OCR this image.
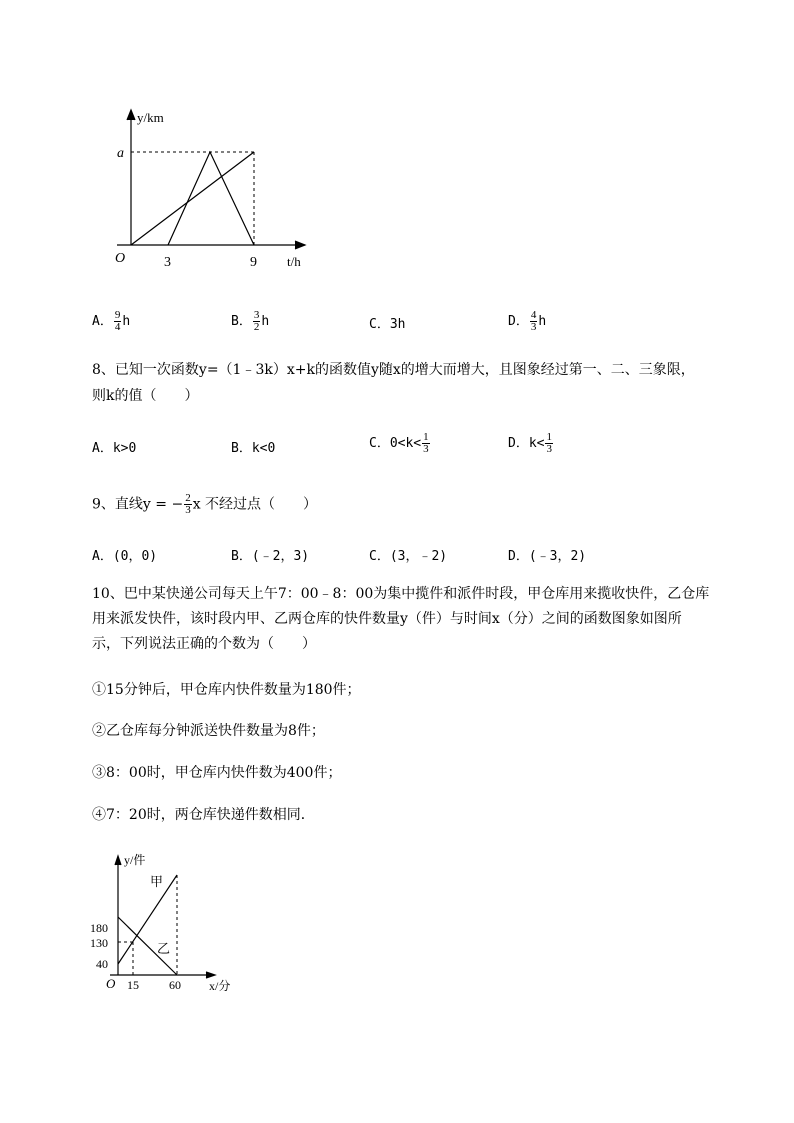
y/km
a
O	3	9 t/h
A． $\frac{9}{4}$ h	B． $\frac{3}{2}$ h	C．3h	D． $\frac{4}{3}$ h
8、已知一次函数y=（1﹣3k）x+k的函数值y随x的增大而增大，且图象经过第一、二、三象限，
则k的值（　　）
A．k>0	B．k<0	C．$0<k< \frac{1}{3}$	D．$k< \frac{1}{3}$
9、直线y = − $\frac{2}{3}$ x 不经过点（　　）
A．(0，0)	B．(﹣2，3)	C．(3，﹣2)	D．(﹣3，2)
10、巴中某快递公司每天上午7：00﹣8：00为集中揽件和派件时段，甲仓库用来揽收快件，乙仓库
用来派发快件，该时段内甲、乙两仓库的快件数量y（件）与时间x（分）之间的函数图象如图所
示，下列说法正确的个数为（　　）
①15分钟后，甲仓库内快件数量为180件；
②乙仓库每分钟派送快件数量为8件；
③8：00时，甲仓库内快件数为400件；
④7：20时，两仓库快递件数相同．
y/件
甲
乙
180
130
40
O 15	60 x/分
